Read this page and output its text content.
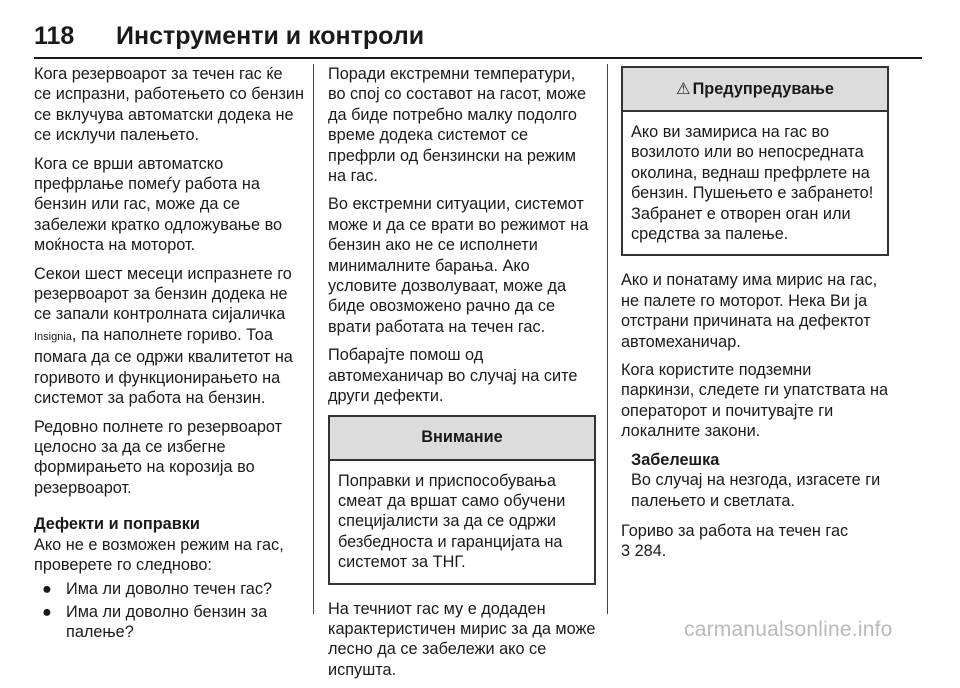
118 Инструменти и контроли

Кога резервоарот за течен гас ќе се испразни, работењето со бензин се вклучува автоматски додека не се исклучи палењето.

Кога се врши автоматско префрлање помеѓу работа на бензин или гас, може да се забележи кратко одложување во моќноста на моторот.

Секои шест месеци испразнете го резервоарот за бензин додека не се запали контролната сијаличка Insignia, па наполнете гориво. Тоа помага да се одржи квалитетот на горивото и функционирањето на системот за работа на бензин.

Редовно полнете го резервоарот целосно за да се избегне формирањето на корозија во резервоарот.

Дефекти и поправки

Ако не е возможен режим на гас, проверете го следново:

● Има ли доволно течен гас?
● Има ли доволно бензин за палење?

Поради екстремни температури, во спој со составот на гасот, може да биде потребно малку подолго време додека системот се префрли од бензински на режим на гас.

Во екстремни ситуации, системот може и да се врати во режимот на бензин ако не се исполнети минималните барања. Ако условите дозволуваат, може да биде овозможено рачно да се врати работата на течен гас.

Побарајте помош од автомеханичар во случај на сите други дефекти.

Внимание
Поправки и приспособувања смеат да вршат само обучени специјалисти за да се одржи безбедноста и гаранцијата на системот за ТНГ.

На течниот гас му е додаден карактеристичен мирис за да може лесно да се забележи ако се испушта.

⚠ Предупредување
Ако ви замириса на гас во возилото или во непосредната околина, веднаш префрлете на бензин. Пушењето е забрането! Забранет е отворен оган или средства за палење.

Ако и понатаму има мирис на гас, не палете го моторот. Нека Ви ја отстрани причината на дефектот автомеханичар.

Кога користите подземни паркинзи, следете ги упатствата на операторот и почитувајте ги локалните закони.

Забелешка
Во случај на незгода, изгасете ги палењето и светлата.

Гориво за работа на течен гас
3 284.

carmanualsonline.info
